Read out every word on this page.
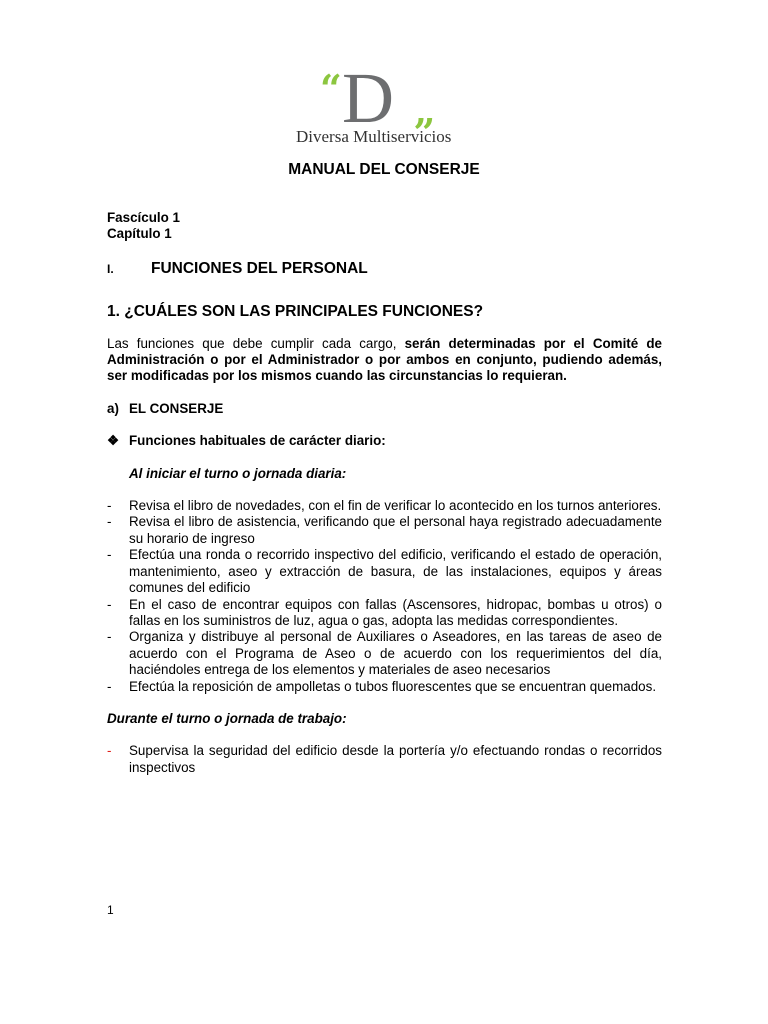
“ D „
Diversa Multiservicios
MANUAL DEL CONSERJE
Fascículo 1
Capítulo 1
I.	FUNCIONES DEL PERSONAL
1. ¿CUÁLES SON LAS PRINCIPALES FUNCIONES?

Las funciones que debe cumplir cada cargo, serán determinadas por el Comité de Administración o por el Administrador o por ambos en conjunto, pudiendo además, ser modificadas por los mismos cuando las circunstancias lo requieran.

a) EL CONSERJE
❖ Funciones habituales de carácter diario:
Al iniciar el turno o jornada diaria:
- Revisa el libro de novedades, con el fin de verificar lo acontecido en los turnos anteriores.
- Revisa el libro de asistencia, verificando que el personal haya registrado adecuadamente su horario de ingreso
- Efectúa una ronda o recorrido inspectivo del edificio, verificando el estado de operación, mantenimiento, aseo y extracción de basura, de las instalaciones, equipos y áreas comunes del edificio
- En el caso de encontrar equipos con fallas (Ascensores, hidropac, bombas u otros) o fallas en los suministros de luz, agua o gas, adopta las medidas correspondientes.
- Organiza y distribuye al personal de Auxiliares o Aseadores, en las tareas de aseo de acuerdo con el Programa de Aseo o de acuerdo con los requerimientos del día, haciéndoles entrega de los elementos y materiales de aseo necesarios
- Efectúa la reposición de ampolletas o tubos fluorescentes que se encuentran quemados.
Durante el turno o jornada de trabajo:
- Supervisa la seguridad del edificio desde la portería y/o efectuando rondas o recorridos inspectivos
1
